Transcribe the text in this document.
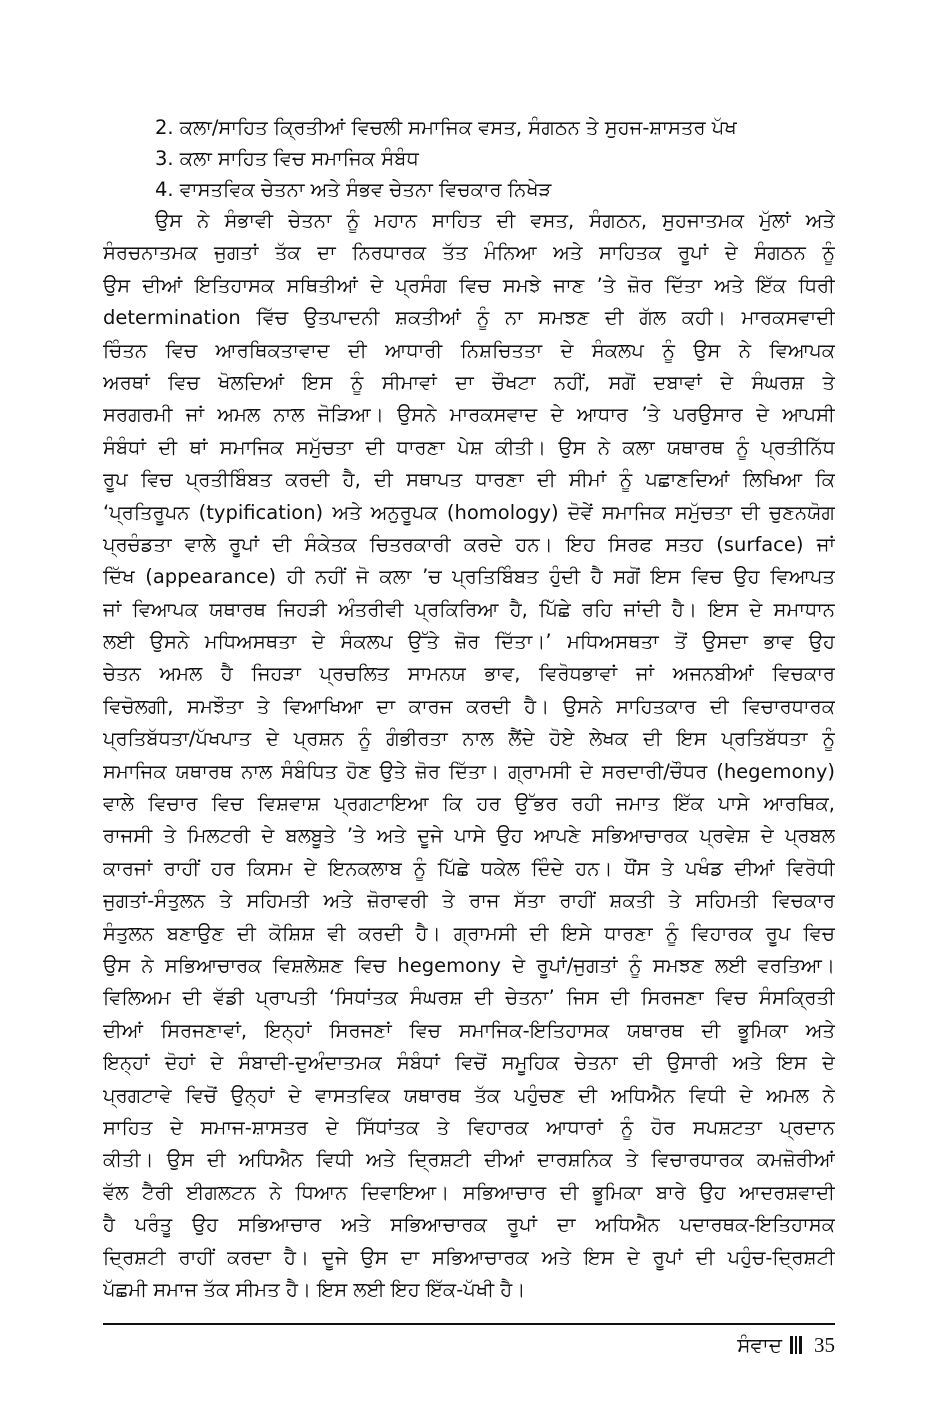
2. ਕਲਾ/ਸਾਹਿਤ ਕ੍ਰਿਤੀਆਂ ਵਿਚਲੀ ਸਮਾਜਿਕ ਵਸਤ, ਸੰਗਠਨ ਤੇ ਸੁਹਜ-ਸ਼ਾਸਤਰ ਪੱਖ
3. ਕਲਾ ਸਾਹਿਤ ਵਿਚ ਸਮਾਜਿਕ ਸੰਬੰਧ
4. ਵਾਸਤਵਿਕ ਚੇਤਨਾ ਅਤੇ ਸੰਭਵ ਚੇਤਨਾ ਵਿਚਕਾਰ ਨਿਖੇੜ
ਉਸ ਨੇ ਸੰਭਾਵੀ ਚੇਤਨਾ ਨੂੰ ਮਹਾਨ ਸਾਹਿਤ ਦੀ ਵਸਤ, ਸੰਗਠਨ, ਸੁਹਜਾਤਮਕ ਮੁੱਲਾਂ ਅਤੇ
ਸੰਰਚਨਾਤਮਕ ਜੁਗਤਾਂ ਤੱਕ ਦਾ ਨਿਰਧਾਰਕ ਤੱਤ ਮੰਨਿਆ ਅਤੇ ਸਾਹਿਤਕ ਰੂਪਾਂ ਦੇ ਸੰਗਠਨ ਨੂੰ
ਉਸ ਦੀਆਂ ਇਤਿਹਾਸਕ ਸਥਿਤੀਆਂ ਦੇ ਪ੍ਰਸੰਗ ਵਿਚ ਸਮਝੇ ਜਾਣ ’ਤੇ ਜ਼ੋਰ ਦਿੱਤਾ ਅਤੇ ਇੱਕ ਧਿਰੀ
determination ਵਿੱਚ ਉਤਪਾਦਨੀ ਸ਼ਕਤੀਆਂ ਨੂੰ ਨਾ ਸਮਝਣ ਦੀ ਗੱਲ ਕਹੀ। ਮਾਰਕਸਵਾਦੀ
ਚਿੰਤਨ ਵਿਚ ਆਰਥਿਕਤਾਵਾਦ ਦੀ ਆਧਾਰੀ ਨਿਸ਼ਚਿਤਤਾ ਦੇ ਸੰਕਲਪ ਨੂੰ ਉਸ ਨੇ ਵਿਆਪਕ
ਅਰਥਾਂ ਵਿਚ ਖੋਲਦਿਆਂ ਇਸ ਨੂੰ ਸੀਮਾਵਾਂ ਦਾ ਚੌਖਟਾ ਨਹੀਂ, ਸਗੋਂ ਦਬਾਵਾਂ ਦੇ ਸੰਘਰਸ਼ ਤੇ
ਸਰਗਰਮੀ ਜਾਂ ਅਮਲ ਨਾਲ ਜੋੜਿਆ। ਉਸਨੇ ਮਾਰਕਸਵਾਦ ਦੇ ਆਧਾਰ ’ਤੇ ਪਰਉਸਾਰ ਦੇ ਆਪਸੀ
ਸੰਬੰਧਾਂ ਦੀ ਥਾਂ ਸਮਾਜਿਕ ਸਮੁੱਚਤਾ ਦੀ ਧਾਰਣਾ ਪੇਸ਼ ਕੀਤੀ। ਉਸ ਨੇ ਕਲਾ ਯਥਾਰਥ ਨੂੰ ਪ੍ਰਤੀਨਿੱਧ
ਰੂਪ ਵਿਚ ਪ੍ਰਤੀਬਿੰਬਤ ਕਰਦੀ ਹੈ, ਦੀ ਸਥਾਪਤ ਧਾਰਣਾ ਦੀ ਸੀਮਾਂ ਨੂੰ ਪਛਾਣਦਿਆਂ ਲਿਖਿਆ ਕਿ
‘ਪ੍ਰਤਿਰੂਪਨ (typification) ਅਤੇ ਅਨੁਰੂਪਕ (homology) ਦੋਵੇਂ ਸਮਾਜਿਕ ਸਮੁੱਚਤਾ ਦੀ ਚੁਣਨਯੋਗ
ਪ੍ਰਚੰਡਤਾ ਵਾਲੇ ਰੂਪਾਂ ਦੀ ਸੰਕੇਤਕ ਚਿਤਰਕਾਰੀ ਕਰਦੇ ਹਨ। ਇਹ ਸਿਰਫ ਸਤਹ (surface) ਜਾਂ
ਦਿੱਖ (appearance) ਹੀ ਨਹੀਂ ਜੋ ਕਲਾ ’ਚ ਪ੍ਰਤਿਬਿੰਬਤ ਹੁੰਦੀ ਹੈ ਸਗੋਂ ਇਸ ਵਿਚ ਉਹ ਵਿਆਪਤ
ਜਾਂ ਵਿਆਪਕ ਯਥਾਰਥ ਜਿਹੜੀ ਅੰਤਰੀਵੀ ਪ੍ਰਕਿਰਿਆ ਹੈ, ਪਿੱਛੇ ਰਹਿ ਜਾਂਦੀ ਹੈ। ਇਸ ਦੇ ਸਮਾਧਾਨ
ਲਈ ਉਸਨੇ ਮਧਿਅਸਥਤਾ ਦੇ ਸੰਕਲਪ ਉੱਤੇ ਜ਼ੋਰ ਦਿੱਤਾ।’ ਮਧਿਅਸਥਤਾ ਤੋਂ ਉਸਦਾ ਭਾਵ ਉਹ
ਚੇਤਨ ਅਮਲ ਹੈ ਜਿਹੜਾ ਪ੍ਰਚਲਿਤ ਸਾਮਨਯ ਭਾਵ, ਵਿਰੋਧਭਾਵਾਂ ਜਾਂ ਅਜਨਬੀਆਂ ਵਿਚਕਾਰ
ਵਿਚੋਲਗੀ, ਸਮਝੌਤਾ ਤੇ ਵਿਆਖਿਆ ਦਾ ਕਾਰਜ ਕਰਦੀ ਹੈ। ਉਸਨੇ ਸਾਹਿਤਕਾਰ ਦੀ ਵਿਚਾਰਧਾਰਕ
ਪ੍ਰਤਿਬੱਧਤਾ/ਪੱਖਪਾਤ ਦੇ ਪ੍ਰਸ਼ਨ ਨੂੰ ਗੰਭੀਰਤਾ ਨਾਲ ਲੈਂਦੇ ਹੋਏ ਲੇਖਕ ਦੀ ਇਸ ਪ੍ਰਤਿਬੱਧਤਾ ਨੂੰ
ਸਮਾਜਿਕ ਯਥਾਰਥ ਨਾਲ ਸੰਬੰਧਿਤ ਹੋਣ ਉਤੇ ਜ਼ੋਰ ਦਿੱਤਾ। ਗ੍ਰਾਮਸੀ ਦੇ ਸਰਦਾਰੀ/ਚੌਧਰ (hegemony)
ਵਾਲੇ ਵਿਚਾਰ ਵਿਚ ਵਿਸ਼ਵਾਸ਼ ਪ੍ਰਗਟਾਇਆ ਕਿ ਹਰ ਉੱਭਰ ਰਹੀ ਜਮਾਤ ਇੱਕ ਪਾਸੇ ਆਰਥਿਕ,
ਰਾਜਸੀ ਤੇ ਮਿਲਟਰੀ ਦੇ ਬਲਬੂਤੇ ’ਤੇ ਅਤੇ ਦੂਜੇ ਪਾਸੇ ਉਹ ਆਪਣੇ ਸਭਿਆਚਾਰਕ ਪ੍ਰਵੇਸ਼ ਦੇ ਪ੍ਰਬਲ
ਕਾਰਜਾਂ ਰਾਹੀਂ ਹਰ ਕਿਸਮ ਦੇ ਇਨਕਲਾਬ ਨੂੰ ਪਿੱਛੇ ਧਕੇਲ ਦਿੰਦੇ ਹਨ। ਧੌਂਸ ਤੇ ਪਖੰਡ ਦੀਆਂ ਵਿਰੋਧੀ
ਜੁਗਤਾਂ-ਸੰਤੁਲਨ ਤੇ ਸਹਿਮਤੀ ਅਤੇ ਜ਼ੋਰਾਵਰੀ ਤੇ ਰਾਜ ਸੱਤਾ ਰਾਹੀਂ ਸ਼ਕਤੀ ਤੇ ਸਹਿਮਤੀ ਵਿਚਕਾਰ
ਸੰਤੁਲਨ ਬਣਾਉਣ ਦੀ ਕੋਸ਼ਿਸ਼ ਵੀ ਕਰਦੀ ਹੈ। ਗ੍ਰਾਮਸੀ ਦੀ ਇਸੇ ਧਾਰਣਾ ਨੂੰ ਵਿਹਾਰਕ ਰੂਪ ਵਿਚ
ਉਸ ਨੇ ਸਭਿਆਚਾਰਕ ਵਿਸ਼ਲੇਸ਼ਣ ਵਿਚ hegemony ਦੇ ਰੂਪਾਂ/ਜੁਗਤਾਂ ਨੂੰ ਸਮਝਣ ਲਈ ਵਰਤਿਆ।
ਵਿਲਿਅਮ ਦੀ ਵੱਡੀ ਪ੍ਰਾਪਤੀ ‘ਸਿਧਾਂਤਕ ਸੰਘਰਸ਼ ਦੀ ਚੇਤਨਾ’ ਜਿਸ ਦੀ ਸਿਰਜਣਾ ਵਿਚ ਸੰਸਕ੍ਰਿਤੀ
ਦੀਆਂ ਸਿਰਜਣਾਵਾਂ, ਇਨ੍ਹਾਂ ਸਿਰਜਣਾਂ ਵਿਚ ਸਮਾਜਿਕ-ਇਤਿਹਾਸਕ ਯਥਾਰਥ ਦੀ ਭੂਮਿਕਾ ਅਤੇ
ਇਨ੍ਹਾਂ ਦੋਹਾਂ ਦੇ ਸੰਬਾਦੀ-ਦੁਅੰਦਾਤਮਕ ਸੰਬੰਧਾਂ ਵਿਚੋਂ ਸਮੂਹਿਕ ਚੇਤਨਾ ਦੀ ਉਸਾਰੀ ਅਤੇ ਇਸ ਦੇ
ਪ੍ਰਗਟਾਵੇ ਵਿਚੋਂ ਉਨ੍ਹਾਂ ਦੇ ਵਾਸਤਵਿਕ ਯਥਾਰਥ ਤੱਕ ਪਹੁੰਚਣ ਦੀ ਅਧਿਐਨ ਵਿਧੀ ਦੇ ਅਮਲ ਨੇ
ਸਾਹਿਤ ਦੇ ਸਮਾਜ-ਸ਼ਾਸਤਰ ਦੇ ਸਿੱਧਾਂਤਕ ਤੇ ਵਿਹਾਰਕ ਆਧਾਰਾਂ ਨੂੰ ਹੋਰ ਸਪਸ਼ਟਤਾ ਪ੍ਰਦਾਨ
ਕੀਤੀ। ਉਸ ਦੀ ਅਧਿਐਨ ਵਿਧੀ ਅਤੇ ਦ੍ਰਿਸ਼ਟੀ ਦੀਆਂ ਦਾਰਸ਼ਨਿਕ ਤੇ ਵਿਚਾਰਧਾਰਕ ਕਮਜ਼ੋਰੀਆਂ
ਵੱਲ ਟੈਰੀ ਈਗਲਟਨ ਨੇ ਧਿਆਨ ਦਿਵਾਇਆ। ਸਭਿਆਚਾਰ ਦੀ ਭੂਮਿਕਾ ਬਾਰੇ ਉਹ ਆਦਰਸ਼ਵਾਦੀ
ਹੈ ਪਰੰਤੂ ਉਹ ਸਭਿਆਚਾਰ ਅਤੇ ਸਭਿਆਚਾਰਕ ਰੂਪਾਂ ਦਾ ਅਧਿਐਨ ਪਦਾਰਥਕ-ਇਤਿਹਾਸਕ
ਦ੍ਰਿਸ਼ਟੀ ਰਾਹੀਂ ਕਰਦਾ ਹੈ। ਦੂਜੇ ਉਸ ਦਾ ਸਭਿਆਚਾਰਕ ਅਤੇ ਇਸ ਦੇ ਰੂਪਾਂ ਦੀ ਪਹੁੰਚ-ਦ੍ਰਿਸ਼ਟੀ
ਪੱਛਮੀ ਸਮਾਜ ਤੱਕ ਸੀਮਤ ਹੈ। ਇਸ ਲਈ ਇਹ ਇੱਕ-ਪੱਖੀ ਹੈ।
ਸੰਵਾਦ 35
